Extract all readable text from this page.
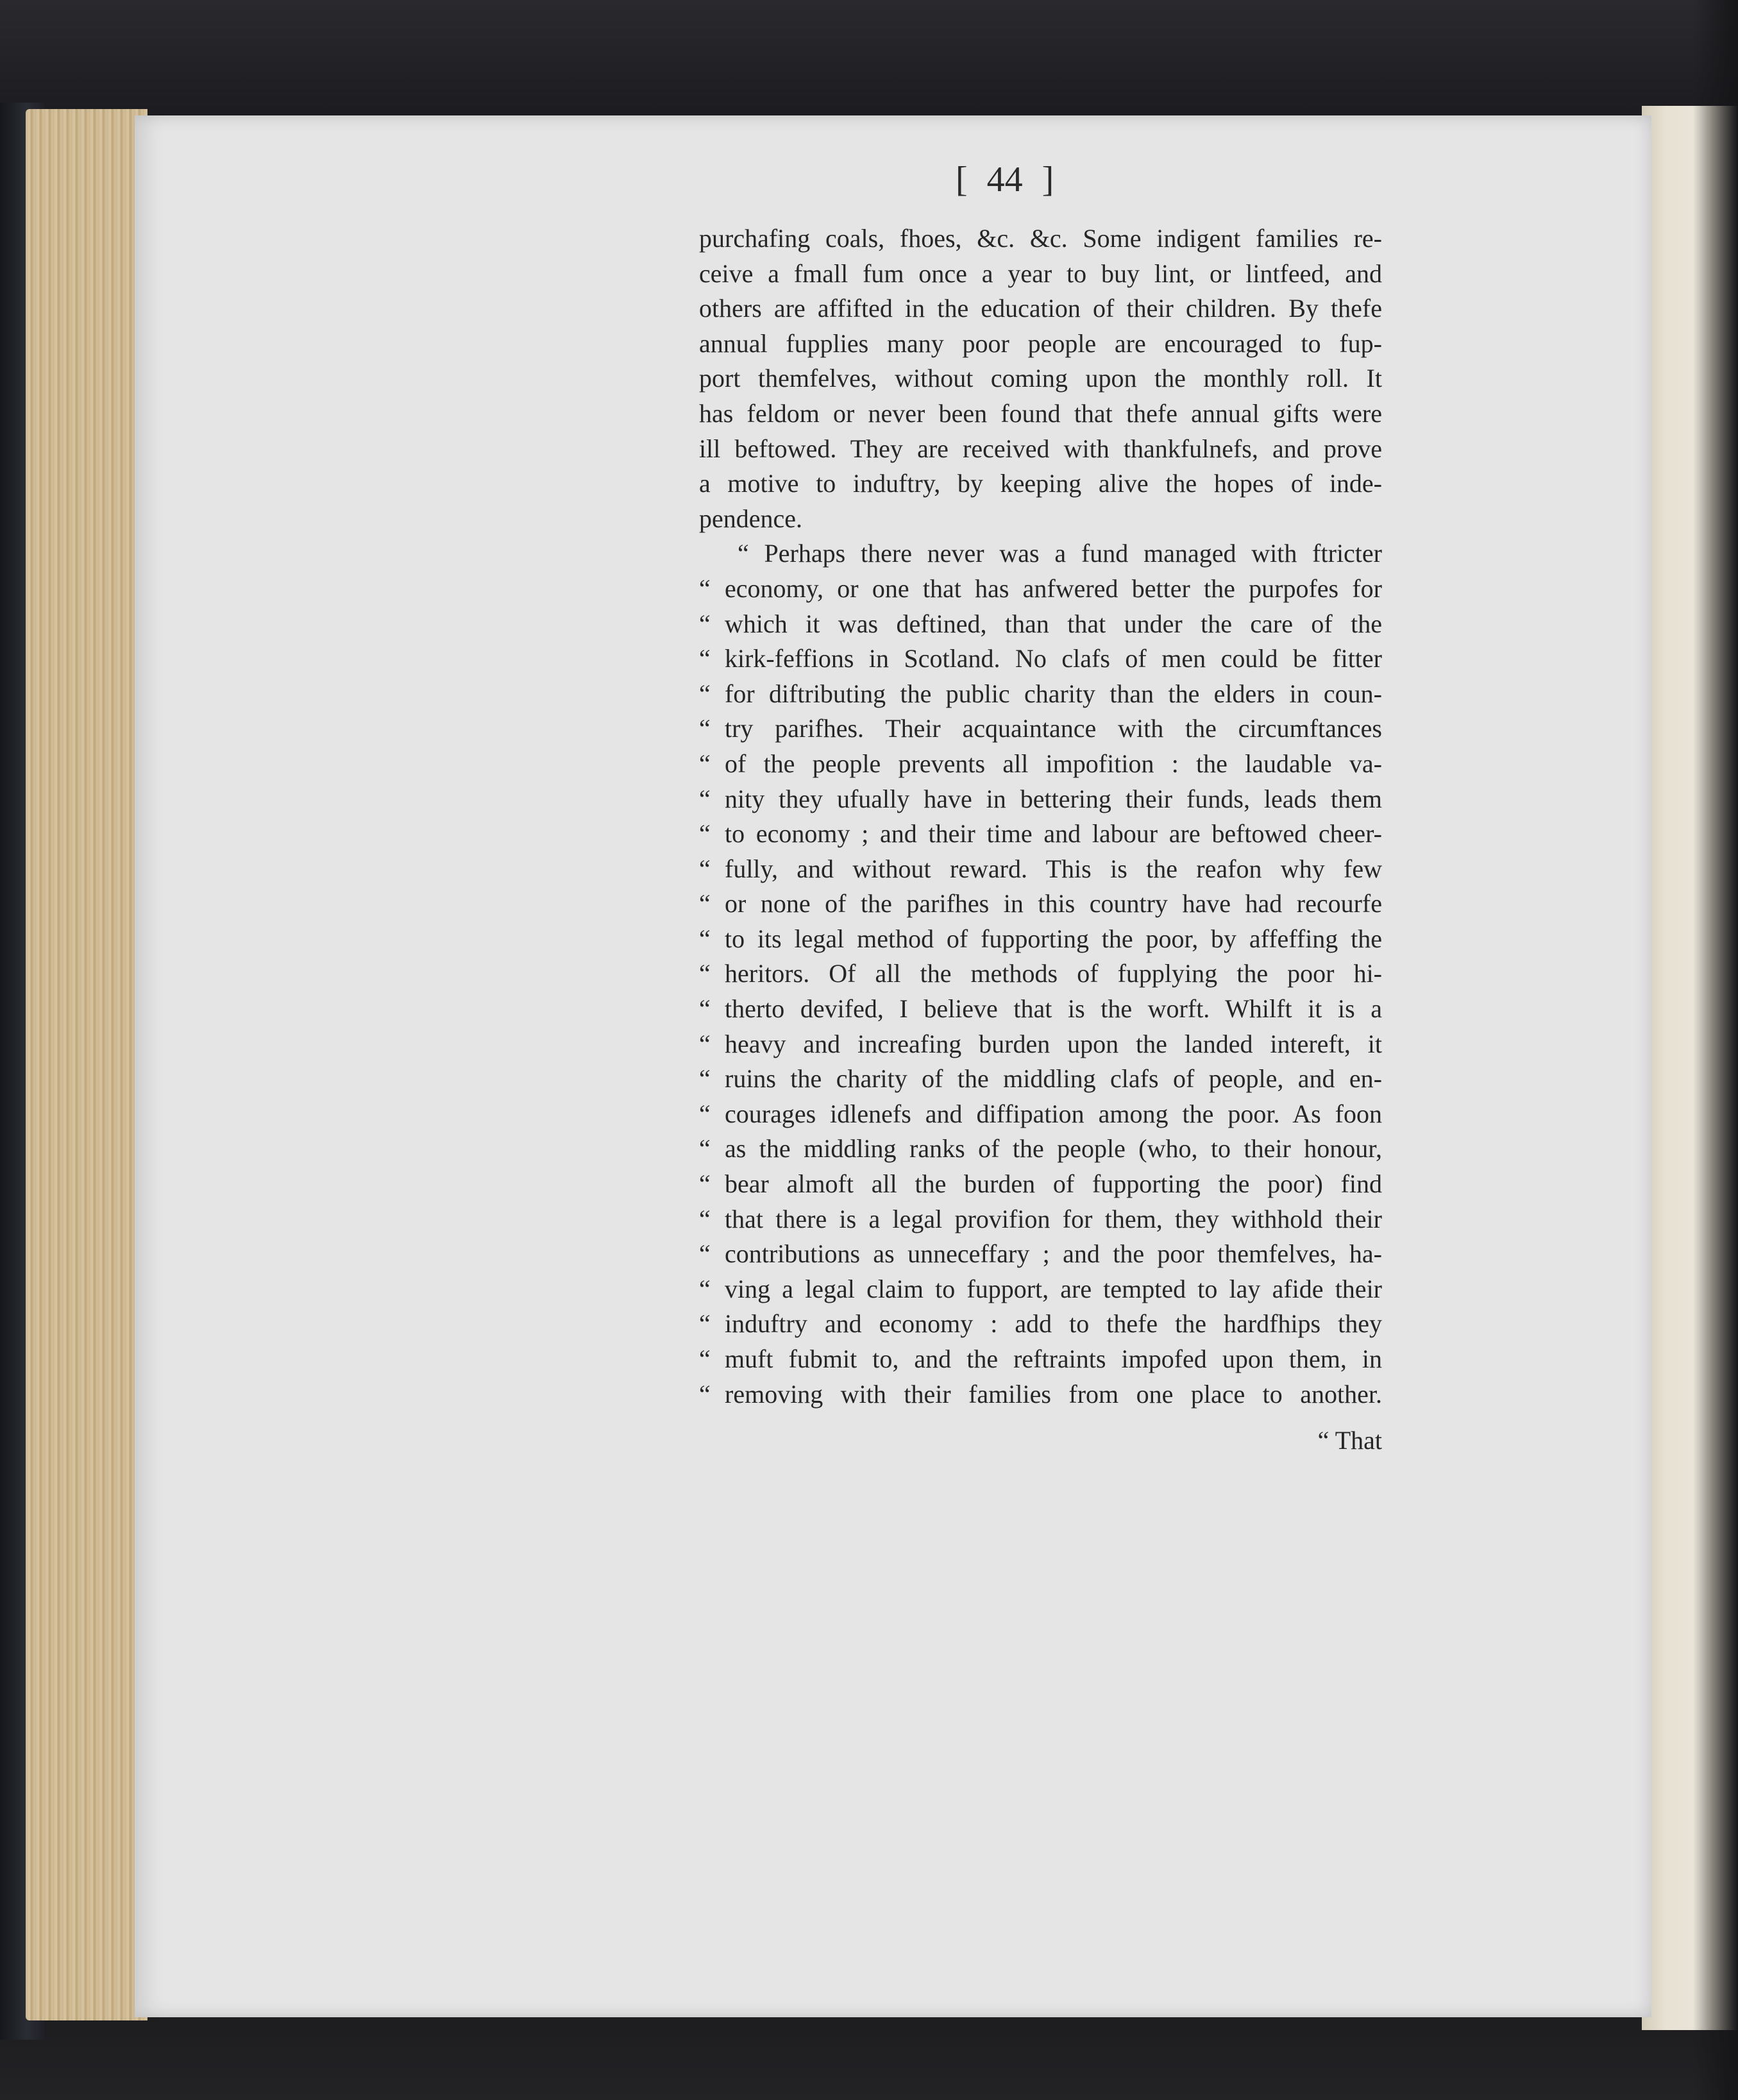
[ 44 ]
purchafing coals, fhoes, &c. &c. Some indigent families re-
ceive a fmall fum once a year to buy lint, or lintfeed, and
others are affifted in the education of their children. By thefe
annual fupplies many poor people are encouraged to fup-
port themfelves, without coming upon the monthly roll. It
has feldom or never been found that thefe annual gifts were
ill beftowed. They are received with thankfulnefs, and prove
a motive to induftry, by keeping alive the hopes of inde-
pendence.
“ Perhaps there never was a fund managed with ftricter
“ economy, or one that has anfwered better the purpofes for
“ which it was deftined, than that under the care of the
“ kirk-feffions in Scotland. No clafs of men could be fitter
“ for diftributing the public charity than the elders in coun-
“ try parifhes. Their acquaintance with the circumftances
“ of the people prevents all impofition : the laudable va-
“ nity they ufually have in bettering their funds, leads them
“ to economy ; and their time and labour are beftowed cheer-
“ fully, and without reward. This is the reafon why few
“ or none of the parifhes in this country have had recourfe
“ to its legal method of fupporting the poor, by affeffing the
“ heritors. Of all the methods of fupplying the poor hi-
“ therto devifed, I believe that is the worft. Whilft it is a
“ heavy and increafing burden upon the landed intereft, it
“ ruins the charity of the middling clafs of people, and en-
“ courages idlenefs and diffipation among the poor. As foon
“ as the middling ranks of the people (who, to their honour,
“ bear almoft all the burden of fupporting the poor) find
“ that there is a legal provifion for them, they withhold their
“ contributions as unneceffary ; and the poor themfelves, ha-
“ ving a legal claim to fupport, are tempted to lay afide their
“ induftry and economy : add to thefe the hardfhips they
“ muft fubmit to, and the reftraints impofed upon them, in
“ removing with their families from one place to another.
“ That
